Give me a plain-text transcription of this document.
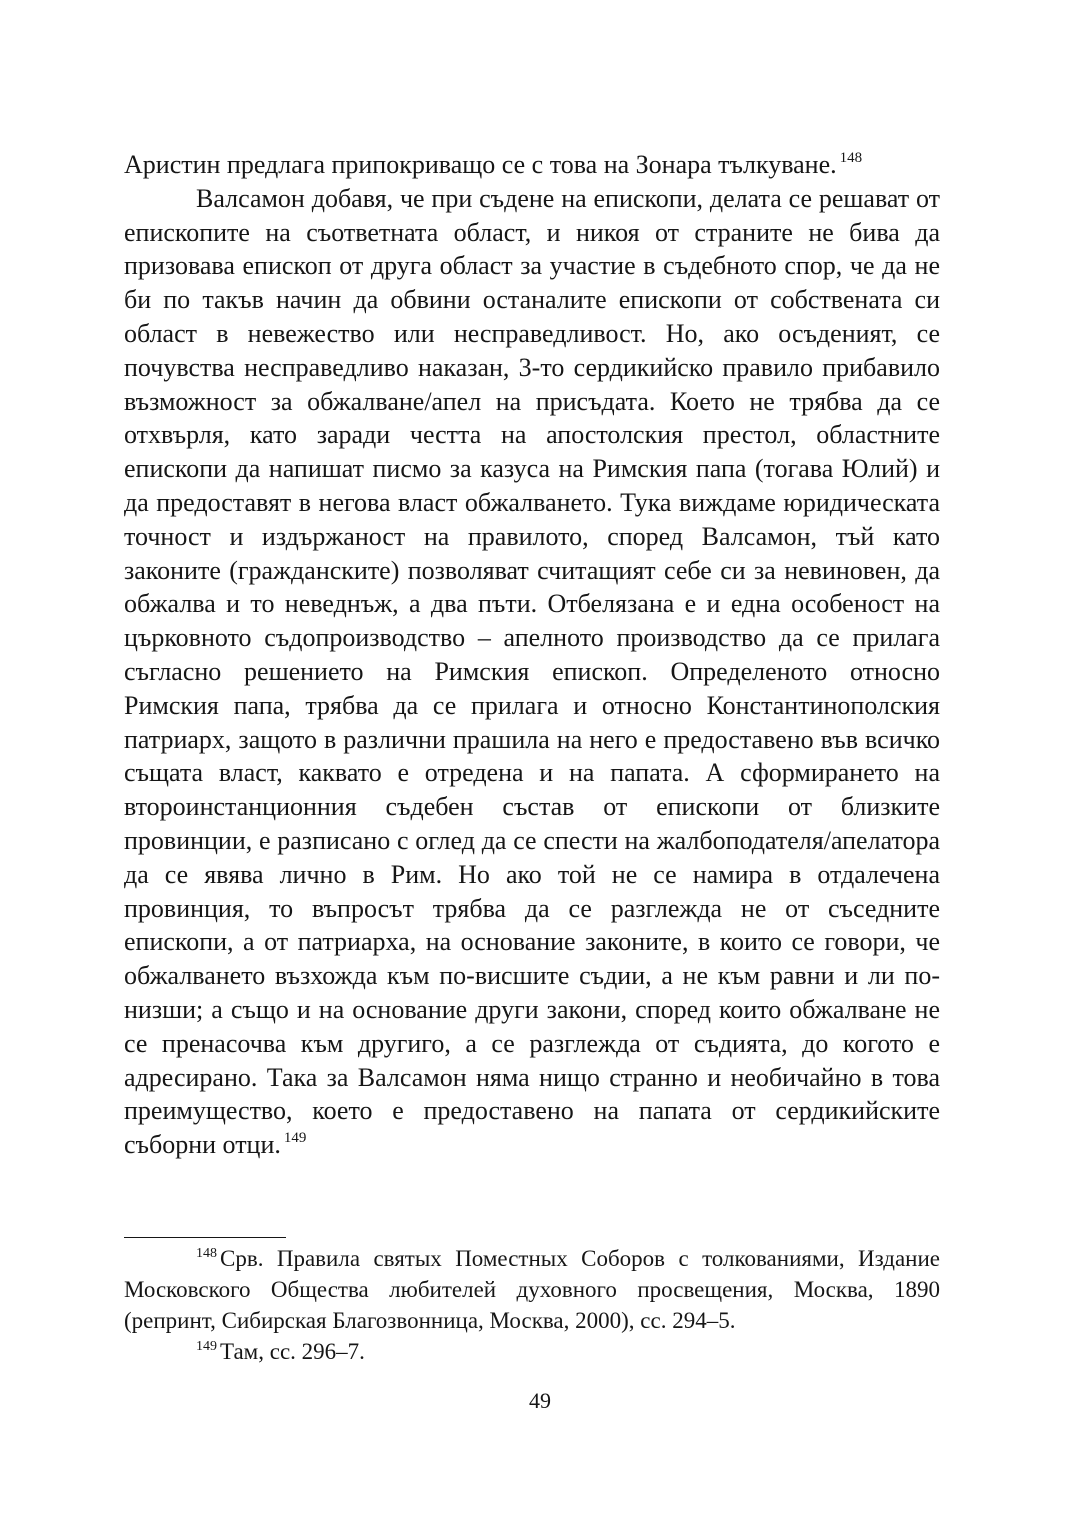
Аристин предлага припокриващо се с това на Зонара тълкуване. $^{148}$

Валсамон добавя, че при съдене на епископи, делата се решават от епископите на съответната област, и никоя от страните не бива да призовава епископ от друга област за участие в съдебното спор, че да не би по такъв начин да обвини останалите епископи от собствената си област в невежество или несправедливост. Но, ако осъденият, се почувства несправедливо наказан, 3-то сердикийско правило прибавило възможност за обжалване/апел на присъдата. Което не трябва да се отхвърля, като заради честта на апостолския престол, областните епископи да напишат писмо за казуса на Римския папа (тогава Юлий) и да предоставят в негова власт обжалването. Тука виждаме юридическата точност и издържаност на правилото, според Валсамон, тъй като законите (гражданските) позволяват считащият себе си за невиновен, да обжалва и то неведнъж, а два пъти. Отбелязана е и една особеност на църковното съдопроизводство – апелното производство да се прилага съгласно решението на Римския епископ. Определеното относно Римския папа, трябва да се прилага и относно Константинополския патриарх, защото в различни прашила на него е предоставено във всичко същата власт, каквато е отредена и на папата. А сформирането на второинстанционния съдебен състав от епископи от близките провинции, е разписано с оглед да се спести на жалбоподателя/апелатора да се явява лично в Рим. Но ако той не се намира в отдалечена провинция, то въпросът трябва да се разглежда не от съседните епископи, а от патриарха, на основание законите, в които се говори, че обжалването възхожда към по-висшите съдии, а не към равни и ли по-низши; а също и на основание други закони, според които обжалване не се пренасочва към другиго, а се разглежда от съдията, до когото е адресирано. Така за Валсамон няма нищо странно и необичайно в това преимущество, което е предоставено на папата от сердикийските съборни отци. $^{149}$

$^{148}$ Срв. Правила святых Поместных Соборов с толкованиями, Издание Московского Общества любителей духовного просвещения, Москва, 1890 (репринт, Сибирская Благозвонница, Москва, 2000), сс. 294–5.

$^{149}$ Там, сс. 296–7.

49
